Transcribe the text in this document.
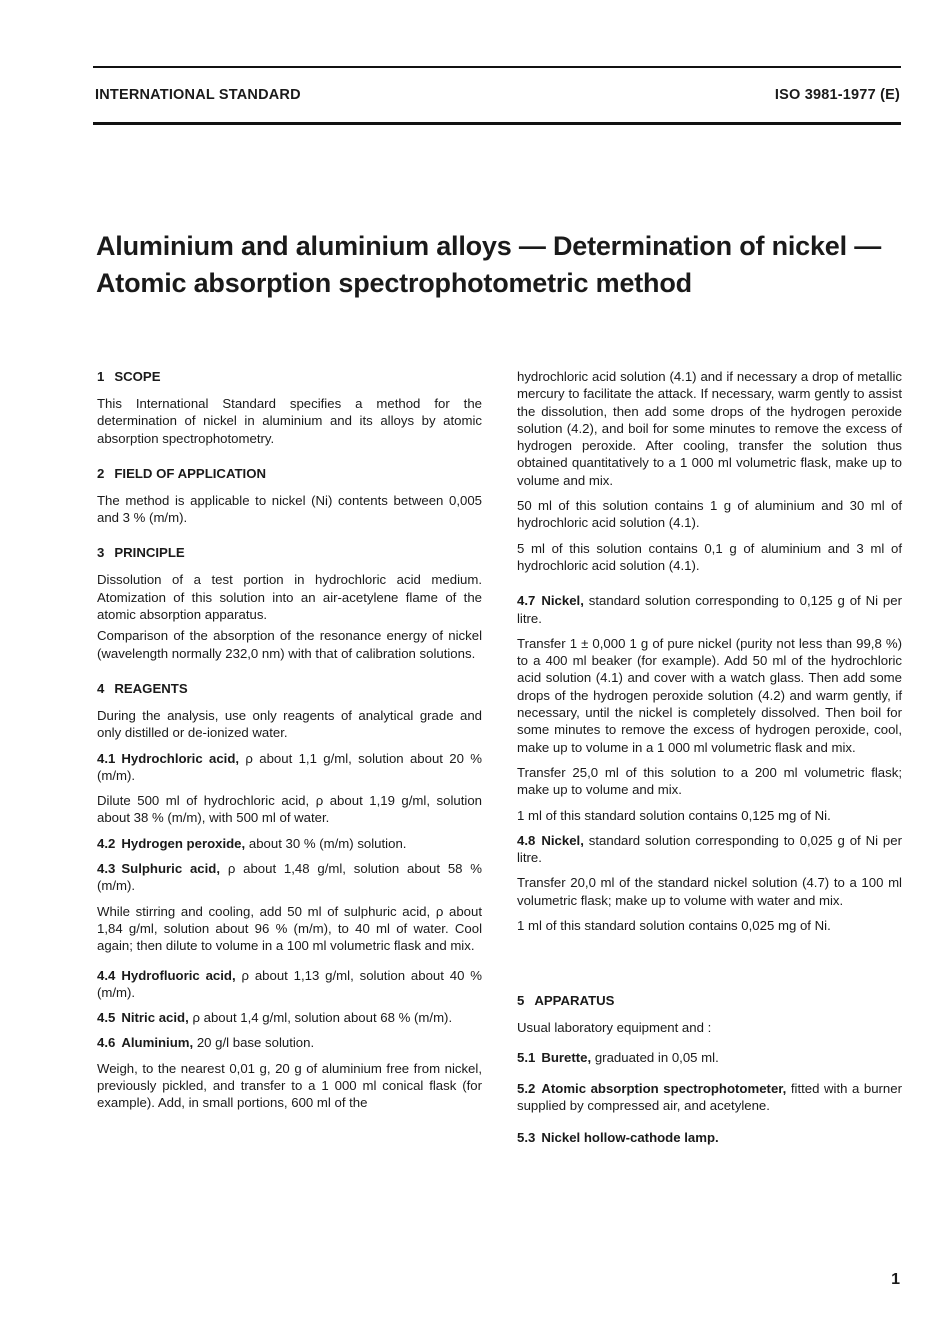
INTERNATIONAL STANDARD	ISO 3981-1977 (E)
Aluminium and aluminium alloys — Determination of nickel —
Atomic absorption spectrophotometric method
1 SCOPE

This International Standard specifies a method for the determination of nickel in aluminium and its alloys by atomic absorption spectrophotometry.

2 FIELD OF APPLICATION

The method is applicable to nickel (Ni) contents between 0,005 and 3 % (m/m).

3 PRINCIPLE

Dissolution of a test portion in hydrochloric acid medium. Atomization of this solution into an air-acetylene flame of the atomic absorption apparatus.

Comparison of the absorption of the resonance energy of nickel (wavelength normally 232,0 nm) with that of calibration solutions.

4 REAGENTS

During the analysis, use only reagents of analytical grade and only distilled or de-ionized water.

4.1 Hydrochloric acid, ρ about 1,1 g/ml, solution about 20 % (m/m).

Dilute 500 ml of hydrochloric acid, ρ about 1,19 g/ml, solution about 38 % (m/m), with 500 ml of water.

4.2 Hydrogen peroxide, about 30 % (m/m) solution.

4.3 Sulphuric acid, ρ about 1,48 g/ml, solution about 58 % (m/m).

While stirring and cooling, add 50 ml of sulphuric acid, ρ about 1,84 g/ml, solution about 96 % (m/m), to 40 ml of water. Cool again; then dilute to volume in a 100 ml volumetric flask and mix.

4.4 Hydrofluoric acid, ρ about 1,13 g/ml, solution about 40 % (m/m).

4.5 Nitric acid, ρ about 1,4 g/ml, solution about 68 % (m/m).

4.6 Aluminium, 20 g/l base solution.

Weigh, to the nearest 0,01 g, 20 g of aluminium free from nickel, previously pickled, and transfer to a 1 000 ml conical flask (for example). Add, in small portions, 600 ml of the

hydrochloric acid solution (4.1) and if necessary a drop of metallic mercury to facilitate the attack. If necessary, warm gently to assist the dissolution, then add some drops of the hydrogen peroxide solution (4.2), and boil for some minutes to remove the excess of hydrogen peroxide. After cooling, transfer the solution thus obtained quantitatively to a 1 000 ml volumetric flask, make up to volume and mix.

50 ml of this solution contains 1 g of aluminium and 30 ml of hydrochloric acid solution (4.1).

5 ml of this solution contains 0,1 g of aluminium and 3 ml of hydrochloric acid solution (4.1).

4.7 Nickel, standard solution corresponding to 0,125 g of Ni per litre.

Transfer 1 ± 0,000 1 g of pure nickel (purity not less than 99,8 %) to a 400 ml beaker (for example). Add 50 ml of the hydrochloric acid solution (4.1) and cover with a watch glass. Then add some drops of the hydrogen peroxide solution (4.2) and warm gently, if necessary, until the nickel is completely dissolved. Then boil for some minutes to remove the excess of hydrogen peroxide, cool, make up to volume in a 1 000 ml volumetric flask and mix.

Transfer 25,0 ml of this solution to a 200 ml volumetric flask; make up to volume and mix.

1 ml of this standard solution contains 0,125 mg of Ni.

4.8 Nickel, standard solution corresponding to 0,025 g of Ni per litre.

Transfer 20,0 ml of the standard nickel solution (4.7) to a 100 ml volumetric flask; make up to volume with water and mix.

1 ml of this standard solution contains 0,025 mg of Ni.

5 APPARATUS

Usual laboratory equipment and :

5.1 Burette, graduated in 0,05 ml.

5.2 Atomic absorption spectrophotometer, fitted with a burner supplied by compressed air, and acetylene.

5.3 Nickel hollow-cathode lamp.

1
